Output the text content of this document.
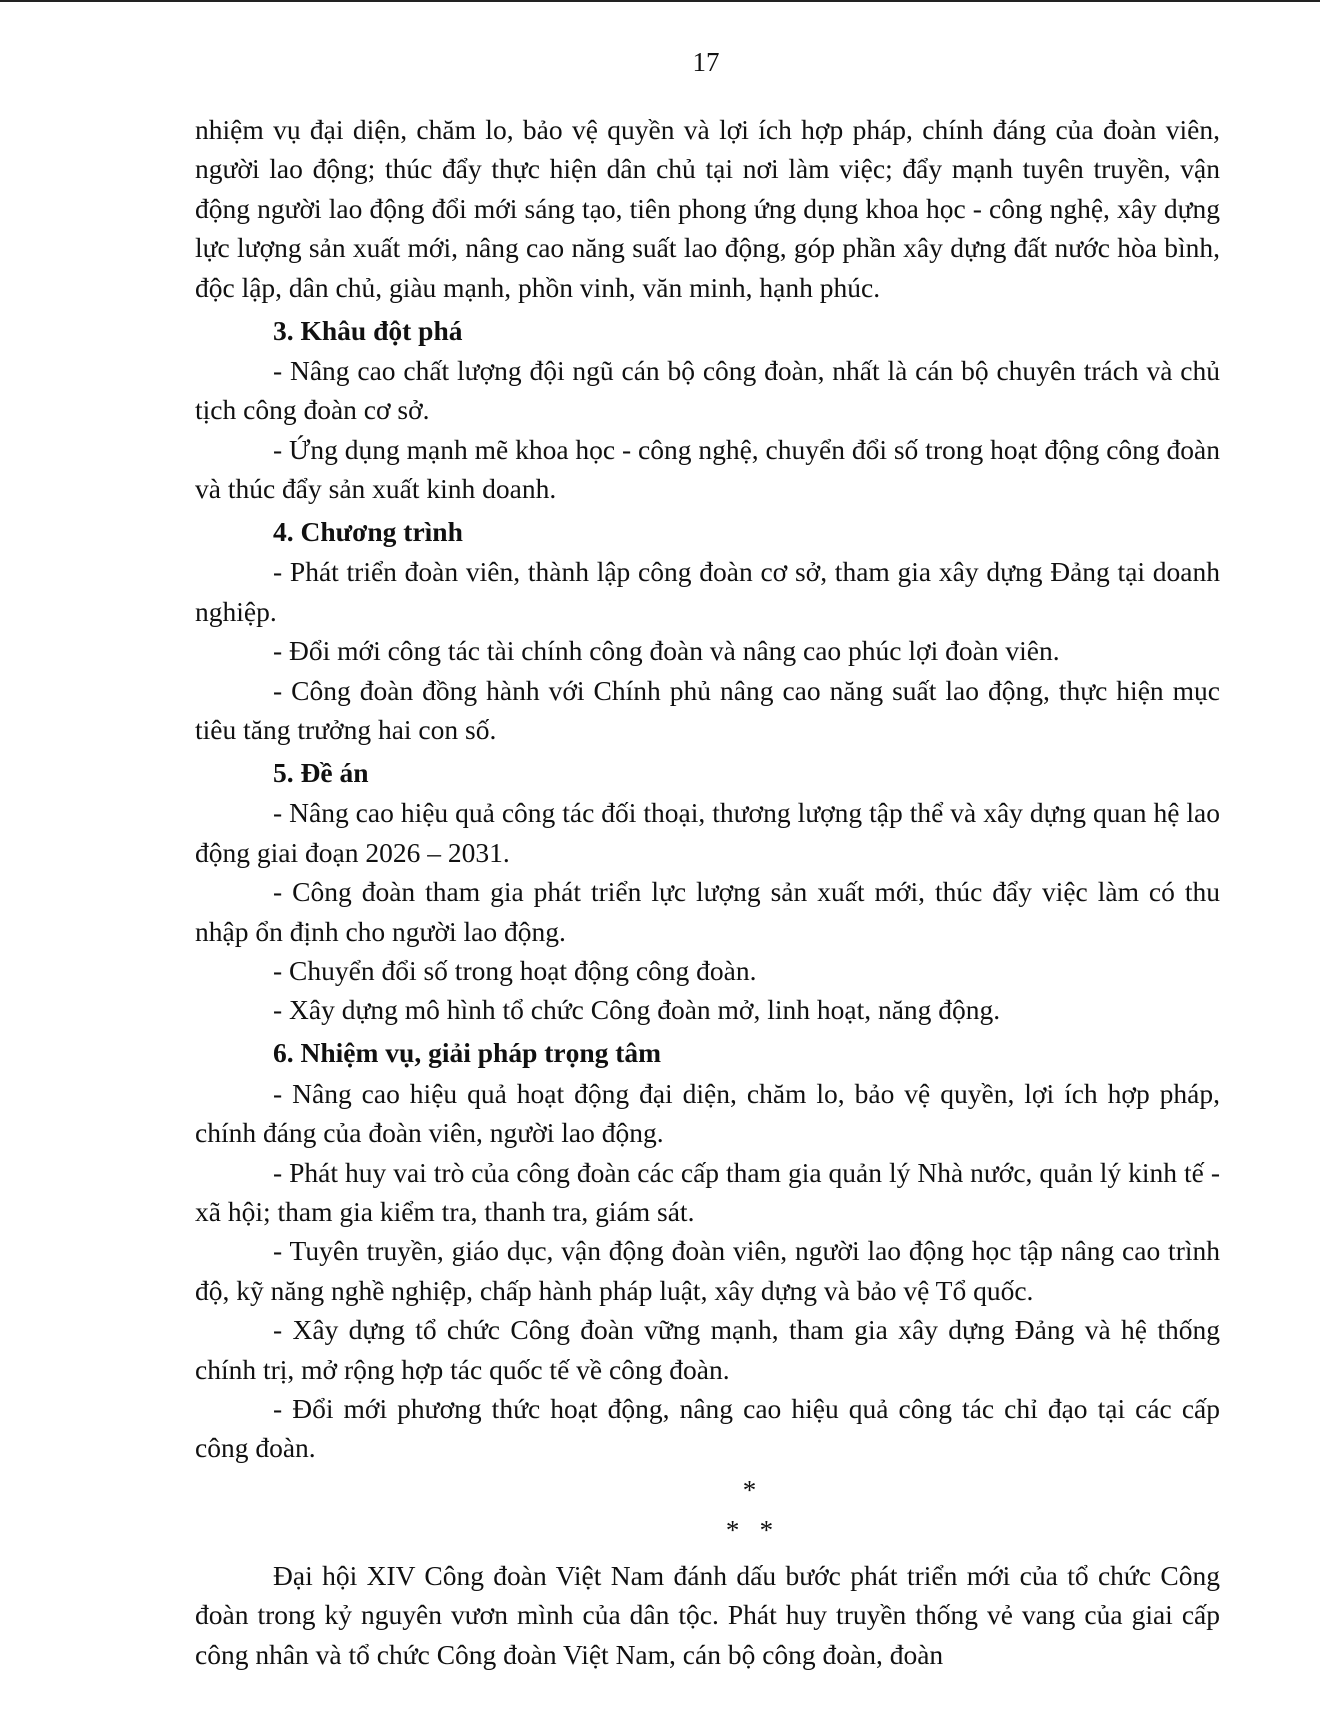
17

nhiệm vụ đại diện, chăm lo, bảo vệ quyền và lợi ích hợp pháp, chính đáng của đoàn viên, người lao động; thúc đẩy thực hiện dân chủ tại nơi làm việc; đẩy mạnh tuyên truyền, vận động người lao động đổi mới sáng tạo, tiên phong ứng dụng khoa học - công nghệ, xây dựng lực lượng sản xuất mới, nâng cao năng suất lao động, góp phần xây dựng đất nước hòa bình, độc lập, dân chủ, giàu mạnh, phồn vinh, văn minh, hạnh phúc.

3. Khâu đột phá

- Nâng cao chất lượng đội ngũ cán bộ công đoàn, nhất là cán bộ chuyên trách và chủ tịch công đoàn cơ sở.

- Ứng dụng mạnh mẽ khoa học - công nghệ, chuyển đổi số trong hoạt động công đoàn và thúc đẩy sản xuất kinh doanh.

4. Chương trình

- Phát triển đoàn viên, thành lập công đoàn cơ sở, tham gia xây dựng Đảng tại doanh nghiệp.

- Đổi mới công tác tài chính công đoàn và nâng cao phúc lợi đoàn viên.

- Công đoàn đồng hành với Chính phủ nâng cao năng suất lao động, thực hiện mục tiêu tăng trưởng hai con số.

5. Đề án

- Nâng cao hiệu quả công tác đối thoại, thương lượng tập thể và xây dựng quan hệ lao động giai đoạn 2026 – 2031.

- Công đoàn tham gia phát triển lực lượng sản xuất mới, thúc đẩy việc làm có thu nhập ổn định cho người lao động.

- Chuyển đổi số trong hoạt động công đoàn.

- Xây dựng mô hình tổ chức Công đoàn mở, linh hoạt, năng động.

6. Nhiệm vụ, giải pháp trọng tâm

- Nâng cao hiệu quả hoạt động đại diện, chăm lo, bảo vệ quyền, lợi ích hợp pháp, chính đáng của đoàn viên, người lao động.

- Phát huy vai trò của công đoàn các cấp tham gia quản lý Nhà nước, quản lý kinh tế - xã hội; tham gia kiểm tra, thanh tra, giám sát.

- Tuyên truyền, giáo dục, vận động đoàn viên, người lao động học tập nâng cao trình độ, kỹ năng nghề nghiệp, chấp hành pháp luật, xây dựng và bảo vệ Tổ quốc.

- Xây dựng tổ chức Công đoàn vững mạnh, tham gia xây dựng Đảng và hệ thống chính trị, mở rộng hợp tác quốc tế về công đoàn.

- Đổi mới phương thức hoạt động, nâng cao hiệu quả công tác chỉ đạo tại các cấp công đoàn.

*
*   *

Đại hội XIV Công đoàn Việt Nam đánh dấu bước phát triển mới của tổ chức Công đoàn trong kỷ nguyên vươn mình của dân tộc. Phát huy truyền thống vẻ vang của giai cấp công nhân và tổ chức Công đoàn Việt Nam, cán bộ công đoàn, đoàn
